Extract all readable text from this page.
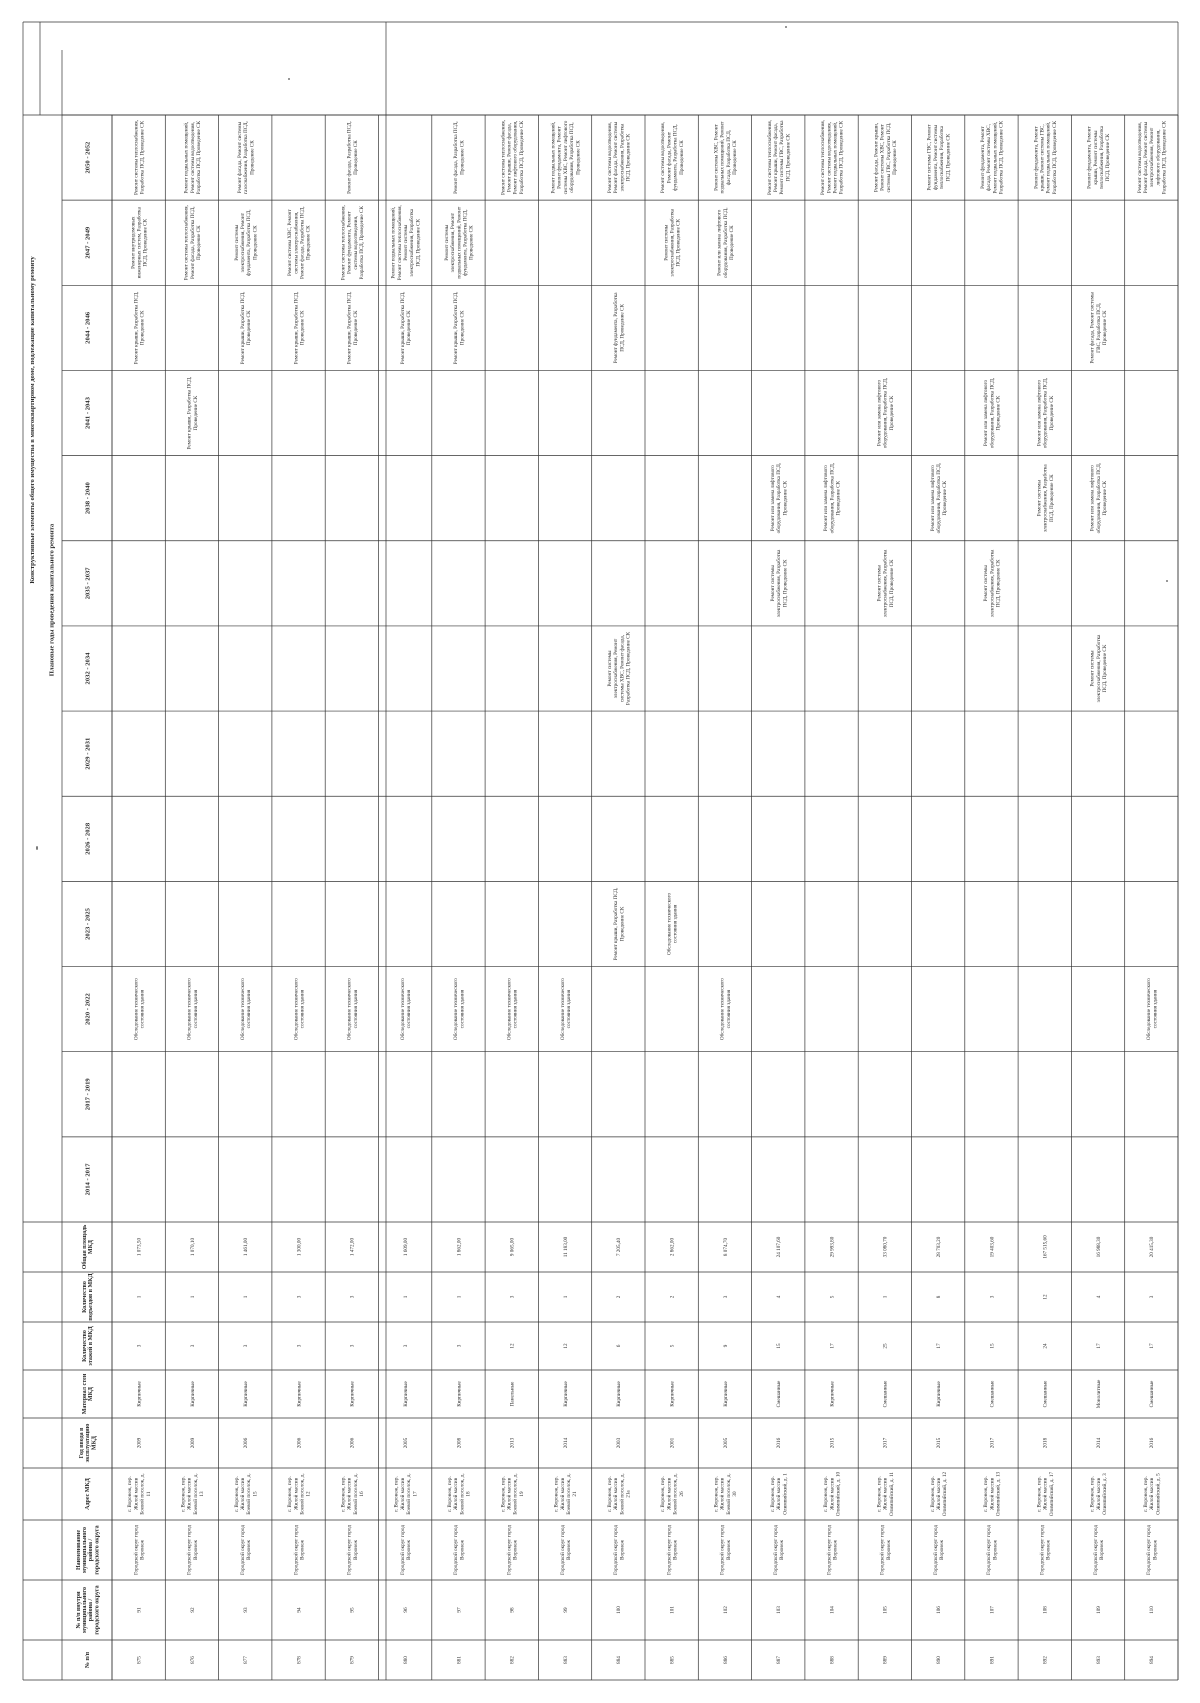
Конструктивные элементы общего имущества в многоквартирном доме, подлежащие капитальному ремонту
Плановые годы проведения капитального ремонта
№ п/п
№ п/п внутримуниципальногорайона /городского округа
Наименованиемуниципальногорайона /городского округа
Адрес МКД
Год ввода вэксплуатациюМКД
Материал стенМКД
Количествоэтажей в МКД
Количествоподъездов в МКД
Общая площадьМКД
2014 - 2017
2017 - 2019
2020 - 2022
2023 - 2025
2026 - 2028
2029 - 2031
2032 - 2034
2035 - 2037
2038 - 2040
2041 - 2043
2044 - 2046
2047 - 2049
2050 - 2052
875
91
Городской округ городВоронеж
г. Воронеж, пер.Жилой массивБоевой поселок, д.11
2009
Кирпичные
3
1
1 073,50
Обследование техническогосостояния здания
Ремонт крыши, Разработка ПСД,Проведение СК
Ремонт внутридомовыхинженерных систем, РазработкаПСД, Проведение СК
Ремонт системы теплоснабжения,Разработка ПСД, Проведение СК
876
92
Городской округ городВоронеж
г. Воронеж, пер.Жилой массивБоевой поселок, д.13
2009
Кирпичные
3
1
1 070,10
Обследование техническогосостояния здания
Ремонт крыши, Разработка ПСД,Проведение СК
Ремонт системы теплоснабжения,Ремонт фасада, Разработка ПСД,Проведение СК
Ремонт подвальных помещений,Ремонт системы водоотведения,Разработка ПСД, Проведение СК
877
93
Городской округ городВоронеж
г. Воронеж, пер.Жилой массивБоевой поселок, д.15
2006
Кирпичные
3
1
1 461,00
Обследование техническогосостояния здания
Ремонт крыши, Разработка ПСД,Проведение СК
Ремонт системыэлектроснабжения, Ремонтфундамента, Разработка ПСД,Проведение СК
Ремонт фасада, Ремонт системыгазоснабжения, Разработка ПСД,Проведение СК
878
94
Городской округ городВоронеж
г. Воронеж, пер.Жилой массивБоевой поселок, д.12
2006
Кирпичные
3
3
1 300,00
Обследование техническогосостояния здания
Ремонт крыши, Разработка ПСД,Проведение СК
Ремонт системы ХВС, Ремонтсистемы электроснабжения,Ремонт фасада, Разработка ПСД,Проведение СК
879
95
Городской округ городВоронеж
г. Воронеж, пер.Жилой массивБоевой поселок, д.16
2006
Кирпичные
3
3
1 472,00
Обследование техническогосостояния здания
Ремонт крыши, Разработка ПСД,Проведение СК
Ремонт системы теплоснабжения,Ремонт фундамента, Ремонтсистемы водоотведения,Разработка ПСД, Проведение СК
Ремонт фасада, Разработка ПСД,Проведение СК
880
96
Городской округ городВоронеж
г. Воронеж, пер.Жилой массивБоевой поселок, д.17
2005
Кирпичные
3
1
1 609,00
Обследование техническогосостояния здания
Ремонт крыши, Разработка ПСД,Проведение СК
Ремонт подвальных помещений,Ремонт системы теплоснабжения,Ремонт системыэлектроснабжения, РазработкаПСД, Проведение СК
881
97
Городской округ городВоронеж
г. Воронеж, пер.Жилой массивБоевой поселок, д.18
2008
Кирпичные
3
1
1 862,00
Обследование техническогосостояния здания
Ремонт крыши, Разработка ПСД,Проведение СК
Ремонт системыэлектроснабжения, Ремонтподвальных помещений, Ремонтфундамента, Разработка ПСД,Проведение СК
Ремонт фасада, Разработка ПСД,Проведение СК
882
98
Городской округ городВоронеж
г. Воронеж, пер.Жилой массивБоевой поселок, д.19
2013
Панельные
12
3
9 065,00
Обследование техническогосостояния здания
Ремонт системы теплоснабжения,Ремонт крыши, Ремонт фасада,Ремонт лифтового оборудования,Разработка ПСД, Проведение СК
883
99
Городской округ городВоронеж
г. Воронеж, пер.Жилой массивБоевой поселок, д.21
2014
Кирпичные
12
1
11 183,00
Обследование техническогосостояния здания
Ремонт подвальных помещений,Ремонт фундамента, Ремонтсистемы ХВС, Ремонт лифтовогооборудования, Разработка ПСД,Проведение СК
884
100
Городской округ городВоронеж
г. Воронеж, пер.Жилой массивБоевой поселок, д.21а
2003
Кирпичные
6
2
7 205,40
Ремонт крыши, Разработка ПСД,Проведение СК
Ремонт системыэлектроснабжения, Ремонтсистемы ХВС, Ремонт фасада,Разработка ПСД, Проведение СК
Ремонт фундамента, РазработкаПСД, Проведение СК
Ремонт системы водоотведения,Ремонт фасада, Ремонт системыэлектроснабжения, РазработкаПСД, Проведение СК
885
101
Городской округ городВоронеж
г. Воронеж, пер.Жилой массивБоевой поселок, д.26
2001
Кирпичные
5
2
2 862,00
Обследование техническогосостояния здания
Ремонт системыэлектроснабжения, РазработкаПСД, Проведение СК
Ремонт системы водоотведения,Ремонт фасада, Ремонтфундамента, Разработка ПСД,Проведение СК
886
102
Городской округ городВоронеж
г. Воронеж, пер.Жилой массивБоевой поселок, д.30
2005
Кирпичные
9
3
8 074,70
Обследование техническогосостояния здания
Ремонт или замена лифтовогооборудования, Разработка ПСД,Проведение СК
Ремонт системы ХВС, Ремонтподвальных помещений, Ремонтфасада, Разработка ПСД,Проведение СК
887
103
Городской округ городВоронеж
г. Воронеж, пер.Жилой массивОлимпийский, д. 1
2016
Смешанные
15
4
24 107,60
Ремонт системыэлектроснабжения, РазработкаПСД, Проведение СК
Ремонт или замена лифтовогооборудования, Разработка ПСД,Проведение СК
Ремонт системы теплоснабжения,Ремонт крыши, Ремонт фасада,Ремонт системы ГВС, РазработкаПСД, Проведение СК
888
104
Городской округ городВоронеж
г. Воронеж, пер.Жилой массивОлимпийский, д. 10
2015
Кирпичные
17
5
29 993,80
Ремонт или замена лифтовогооборудования, Разработка ПСД,Проведение СК
Ремонт системы теплоснабжения,Ремонт системы водоотведения,Ремонт подвальных помещений,Разработка ПСД, Проведение СК
889
105
Городской округ городВоронеж
г. Воронеж, пер.Жилой массивОлимпийский, д. 11
2017
Смешанные
25
1
33 080,70
Ремонт системыэлектроснабжения, РазработкаПСД, Проведение СК
Ремонт или замена лифтовогооборудования, Разработка ПСД,Проведение СК
Ремонт фасада, Ремонт крыши,Ремонт системы ХВС, Ремонтсистемы ГВС, Разработка ПСД,Проведение СК
890
106
Городской округ городВоронеж
г. Воронеж, пер.Жилой массивОлимпийский, д. 12
2015
Кирпичные
17
8
28 703,20
Ремонт или замена лифтовогооборудования, Разработка ПСД,Проведение СК
Ремонт системы ГВС, Ремонтфундамента, Ремонт системытеплоснабжения, РазработкаПСД, Проведение СК
891
107
Городской округ городВоронеж
г. Воронеж, пер.Жилой массивОлимпийский, д. 13
2017
Смешанные
15
3
19 403,60
Ремонт системыэлектроснабжения, РазработкаПСД, Проведение СК
Ремонт или замена лифтовогооборудования, Разработка ПСД,Проведение СК
Ремонт фундамента, Ремонтфасада, Ремонт системы ХВС,Ремонт подвальных помещений,Разработка ПСД, Проведение СК
892
108
Городской округ городВоронеж
г. Воронеж, пер.Жилой массивОлимпийский, д. 17
2018
Смешанные
24
12
167 515,60
Ремонт системыэлектроснабжения, РазработкаПСД, Проведение СК
Ремонт или замена лифтовогооборудования, Разработка ПСД,Проведение СК
Ремонт фундамента, Ремонткрыши, Ремонт системы ГВС,Ремонт подвальных помещений,Разработка ПСД, Проведение СК
893
109
Городской округ городВоронеж
г. Воронеж, пер.Жилой массивОлимпийский, д. 3
2014
Монолитные
17
4
16 988,30
Ремонт системыэлектроснабжения, РазработкаПСД, Проведение СК
Ремонт или замена лифтовогооборудования, Разработка ПСД,Проведение СК
Ремонт фасада, Ремонт системыГВС, Разработка ПСД,Проведение СК
Ремонт фундамента, Ремонткрыши, Ремонт системытеплоснабжения, РазработкаПСД, Проведение СК
894
110
Городской округ городВоронеж
г. Воронеж, пер.Жилой массивОлимпийский, д. 5
2016
Смешанные
17
3
20 415,30
Обследование техническогосостояния здания
Ремонт системы водоотведения,Ремонт фасада, Ремонт системыэлектроснабжения, Ремонтлифтового оборудования,Разработка ПСД, Проведение СК
